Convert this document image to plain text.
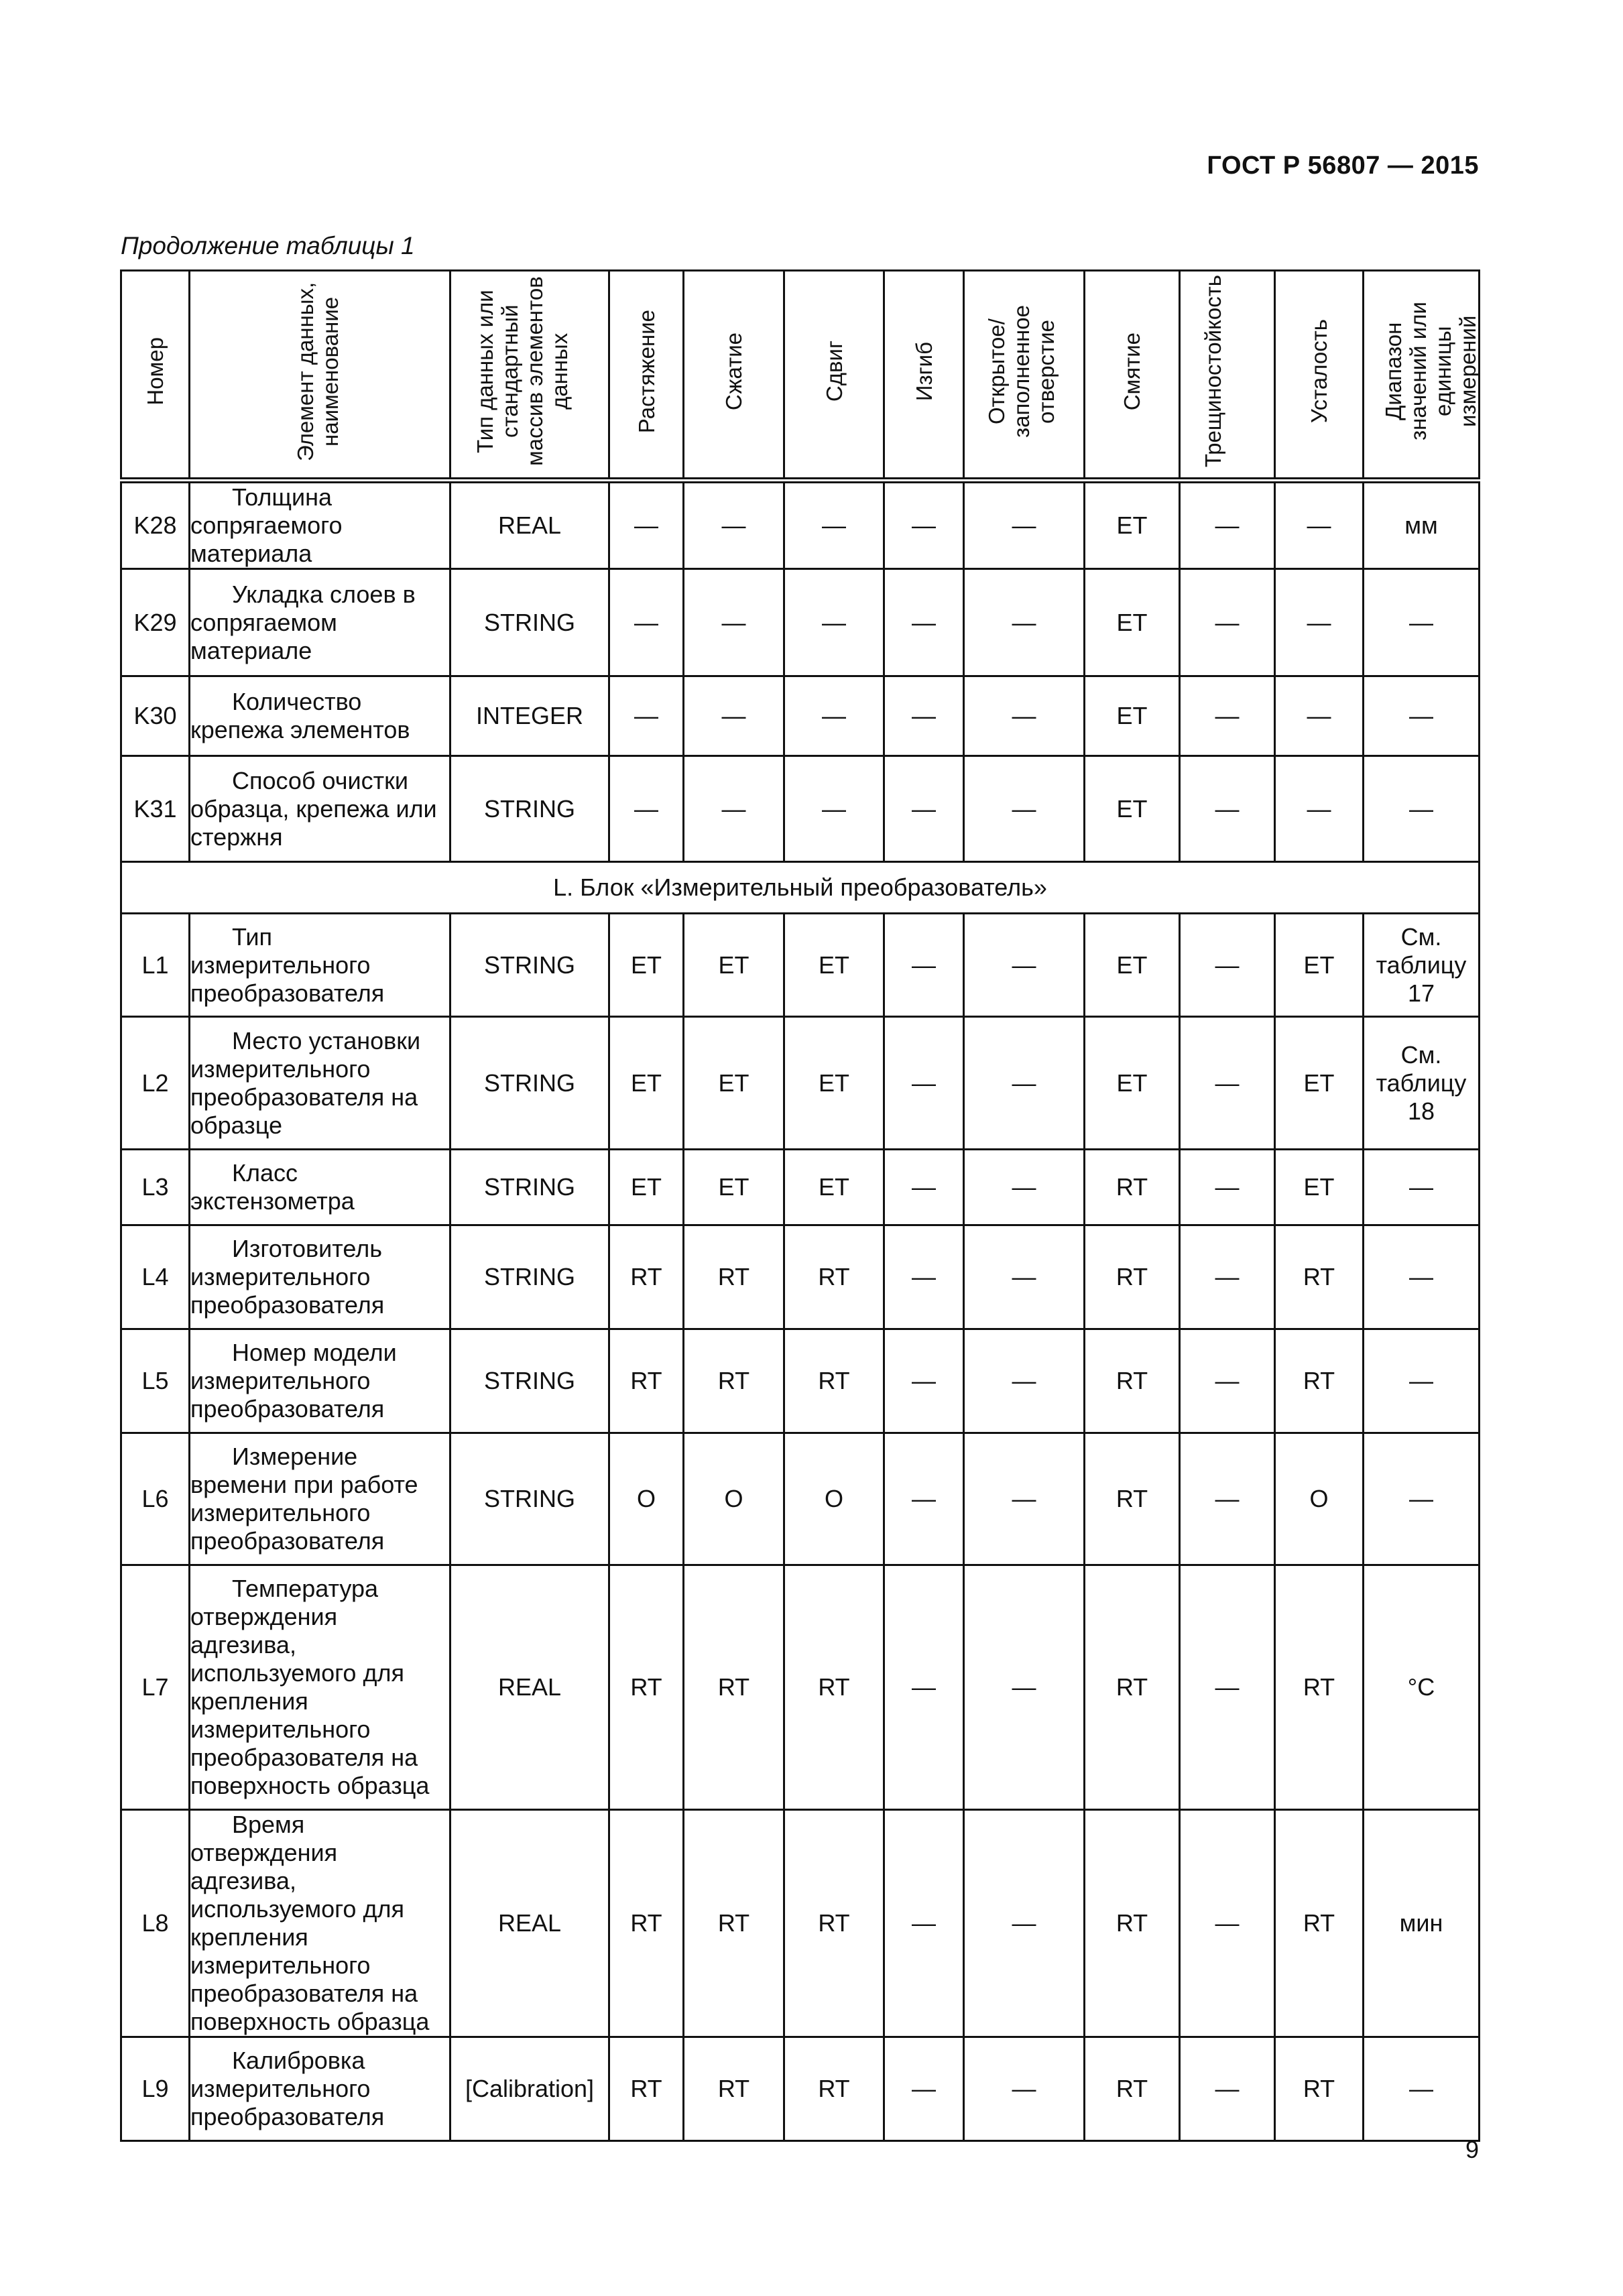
ГОСТ Р 56807 — 2015
Продолжение таблицы 1
Номер	Элемент данных, наименование	Тип данных или стандартный массив элементов данных	Растяжение	Сжатие	Сдвиг	Изгиб	Открытое/ заполненное отверстие	Смятие	Трещиностойкость	Усталость	Диапазон значений или единицы измерений
K28	Толщина сопрягаемого материала	REAL	—	—	—	—	—	ET	—	—	мм
K29	Укладка слоев в сопрягаемом материале	STRING	—	—	—	—	—	ET	—	—	—
K30	Количество крепежа элементов	INTEGER	—	—	—	—	—	ET	—	—	—
K31	Способ очистки образца, крепежа или стержня	STRING	—	—	—	—	—	ET	—	—	—
L. Блок «Измерительный преобразователь»											
L1	Тип измерительного преобразователя	STRING	ET	ET	ET	—	—	ET	—	ET	См. таблицу 17
L2	Место установки измерительного преобразователя на образце	STRING	ET	ET	ET	—	—	ET	—	ET	См. таблицу 18
L3	Класс экстензометра	STRING	ET	ET	ET	—	—	RT	—	ET	—
L4	Изготовитель измерительного преобразователя	STRING	RT	RT	RT	—	—	RT	—	RT	—
L5	Номер модели измерительного преобразователя	STRING	RT	RT	RT	—	—	RT	—	RT	—
L6	Измерение времени при работе измерительного преобразователя	STRING	O	O	O	—	—	RT	—	O	—
L7	Температура отверждения адгезива, используемого для крепления измерительного преобразователя на поверхность образца	REAL	RT	RT	RT	—	—	RT	—	RT	°C
L8	Время отверждения адгезива, используемого для крепления измерительного преобразователя на поверхность образца	REAL	RT	RT	RT	—	—	RT	—	RT	мин
L9	Калибровка измерительного преобразователя	[Calibration]	RT	RT	RT	—	—	RT	—	RT	—
9
